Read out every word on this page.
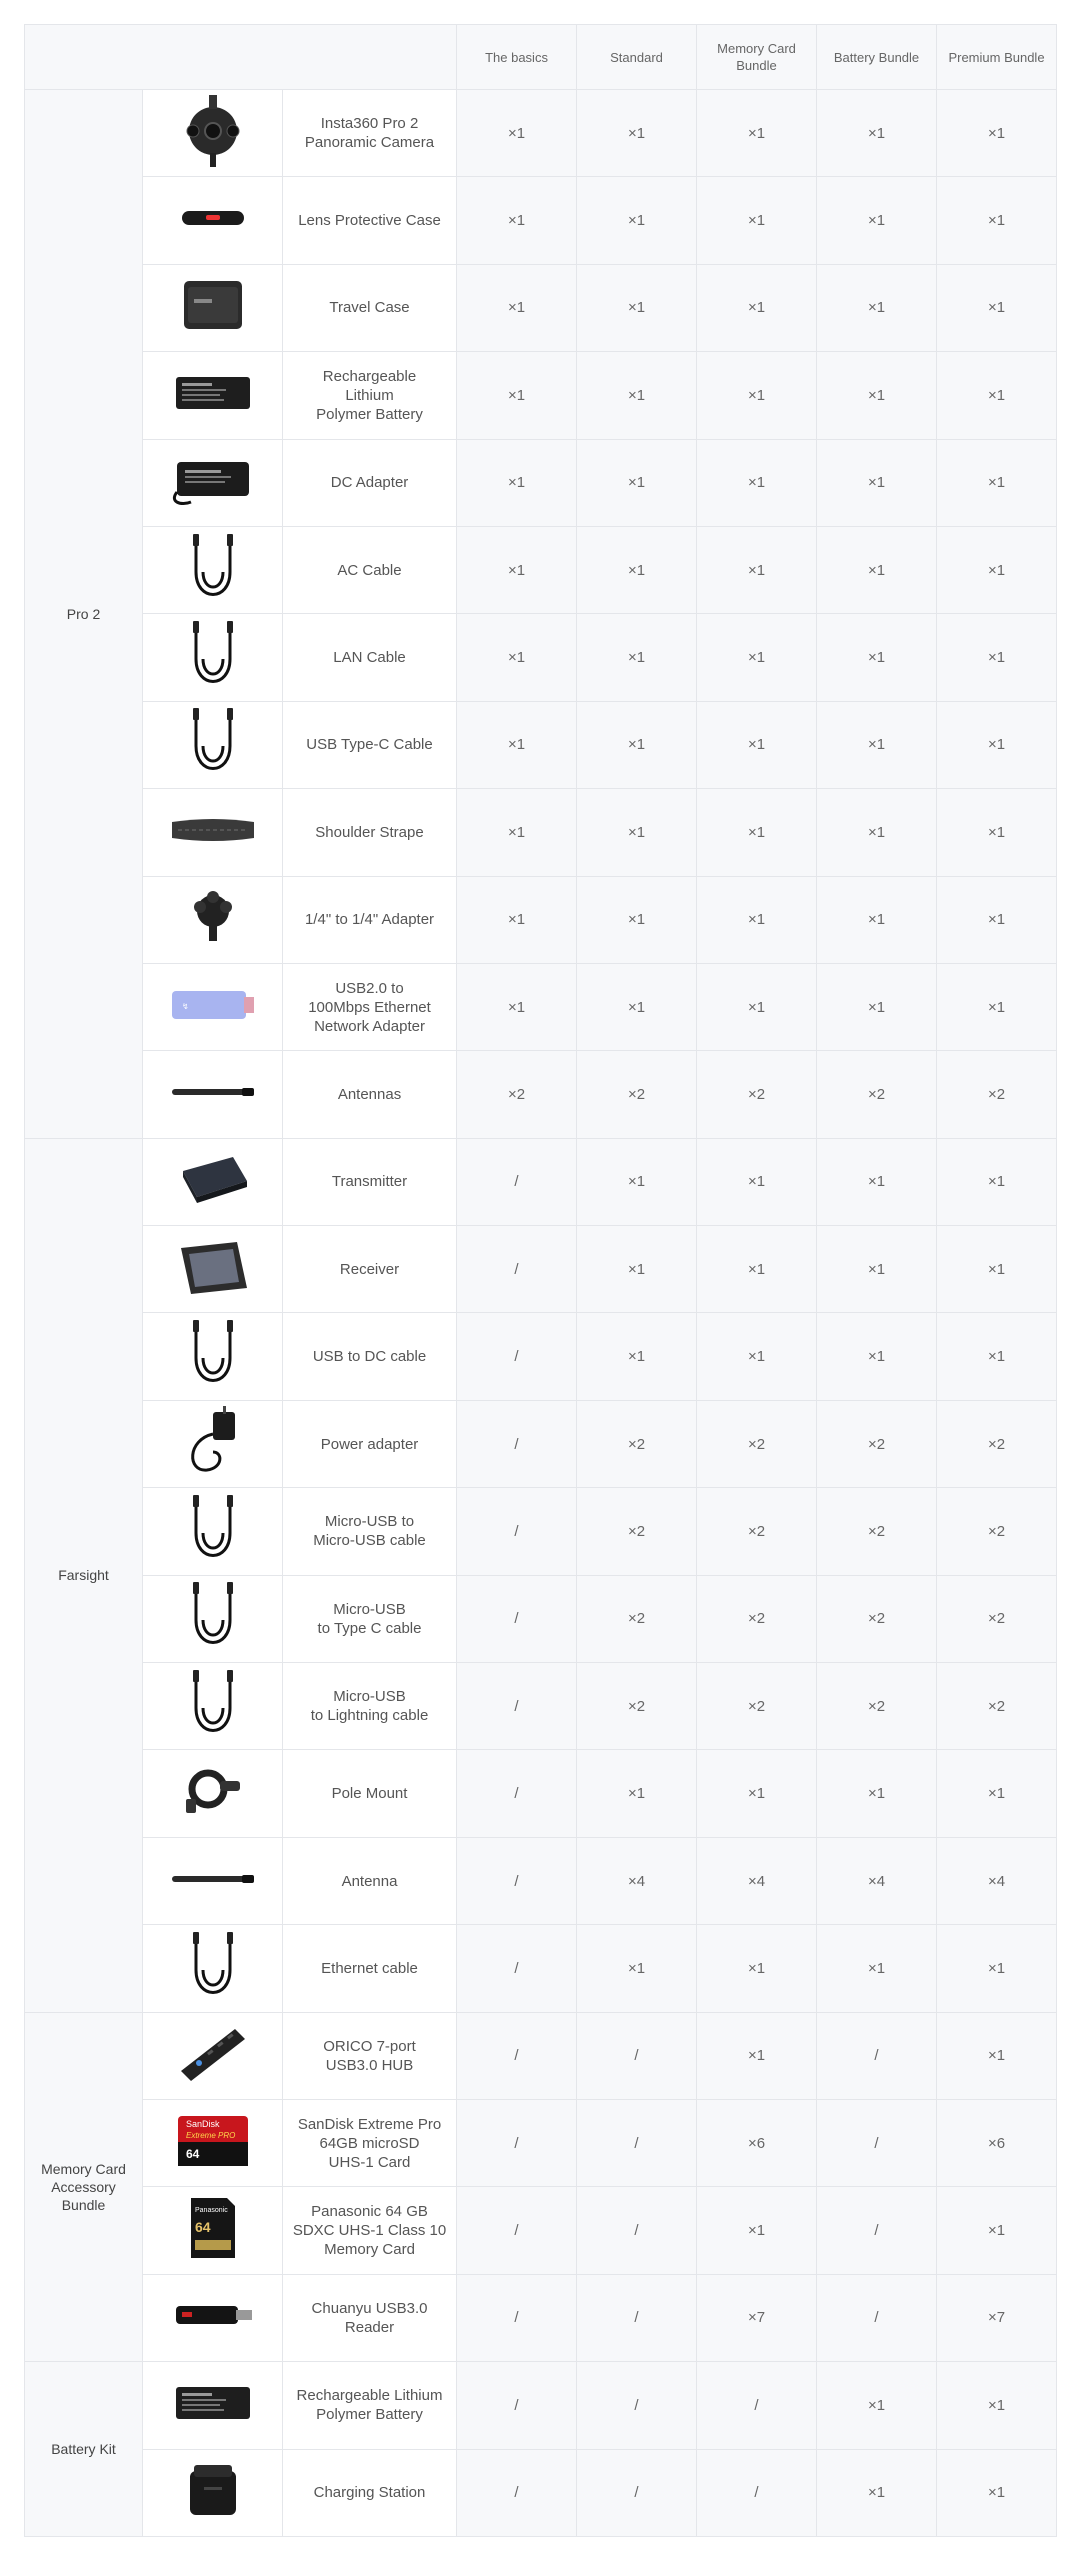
			The basics	Standard	Memory Card
Bundle	Battery Bundle	Premium Bundle
Pro 2		Insta360 Pro 2
Panoramic Camera	×1	×1	×1	×1	×1
	Lens Protective Case	×1	×1	×1	×1	×1
	Travel Case	×1	×1	×1	×1	×1
	Rechargeable
Lithium
Polymer Battery	×1	×1	×1	×1	×1
	DC Adapter	×1	×1	×1	×1	×1
	AC Cable	×1	×1	×1	×1	×1
	LAN Cable	×1	×1	×1	×1	×1
	USB Type-C Cable	×1	×1	×1	×1	×1
	Shoulder Strape	×1	×1	×1	×1	×1
	1/4" to 1/4" Adapter	×1	×1	×1	×1	×1

↯	USB2.0 to
100Mbps Ethernet
Network Adapter	×1	×1	×1	×1	×1
	Antennas	×2	×2	×2	×2	×2
Farsight		Transmitter	/	×1	×1	×1	×1
	Receiver	/	×1	×1	×1	×1
	USB to DC cable	/	×1	×1	×1	×1
	Power adapter	/	×2	×2	×2	×2
	Micro-USB to
Micro-USB cable	/	×2	×2	×2	×2
	Micro-USB
to Type C cable	/	×2	×2	×2	×2
	Micro-USB
to Lightning cable	/	×2	×2	×2	×2
	Pole Mount	/	×1	×1	×1	×1
	Antenna	/	×4	×4	×4	×4
	Ethernet cable	/	×1	×1	×1	×1
Memory Card
Accessory
Bundle		ORICO 7-port
USB3.0 HUB	/	/	×1	/	×1

SanDisk
Extreme PRO
64	SanDisk Extreme Pro
64GB microSD
UHS-1 Card	/	/	×6	/	×6

Panasonic
64	Panasonic 64 GB
SDXC UHS-1 Class 10
Memory Card	/	/	×1	/	×1
	Chuanyu USB3.0
Reader	/	/	×7	/	×7
Battery Kit		Rechargeable Lithium
Polymer Battery	/	/	/	×1	×1
	Charging Station	/	/	/	×1	×1
